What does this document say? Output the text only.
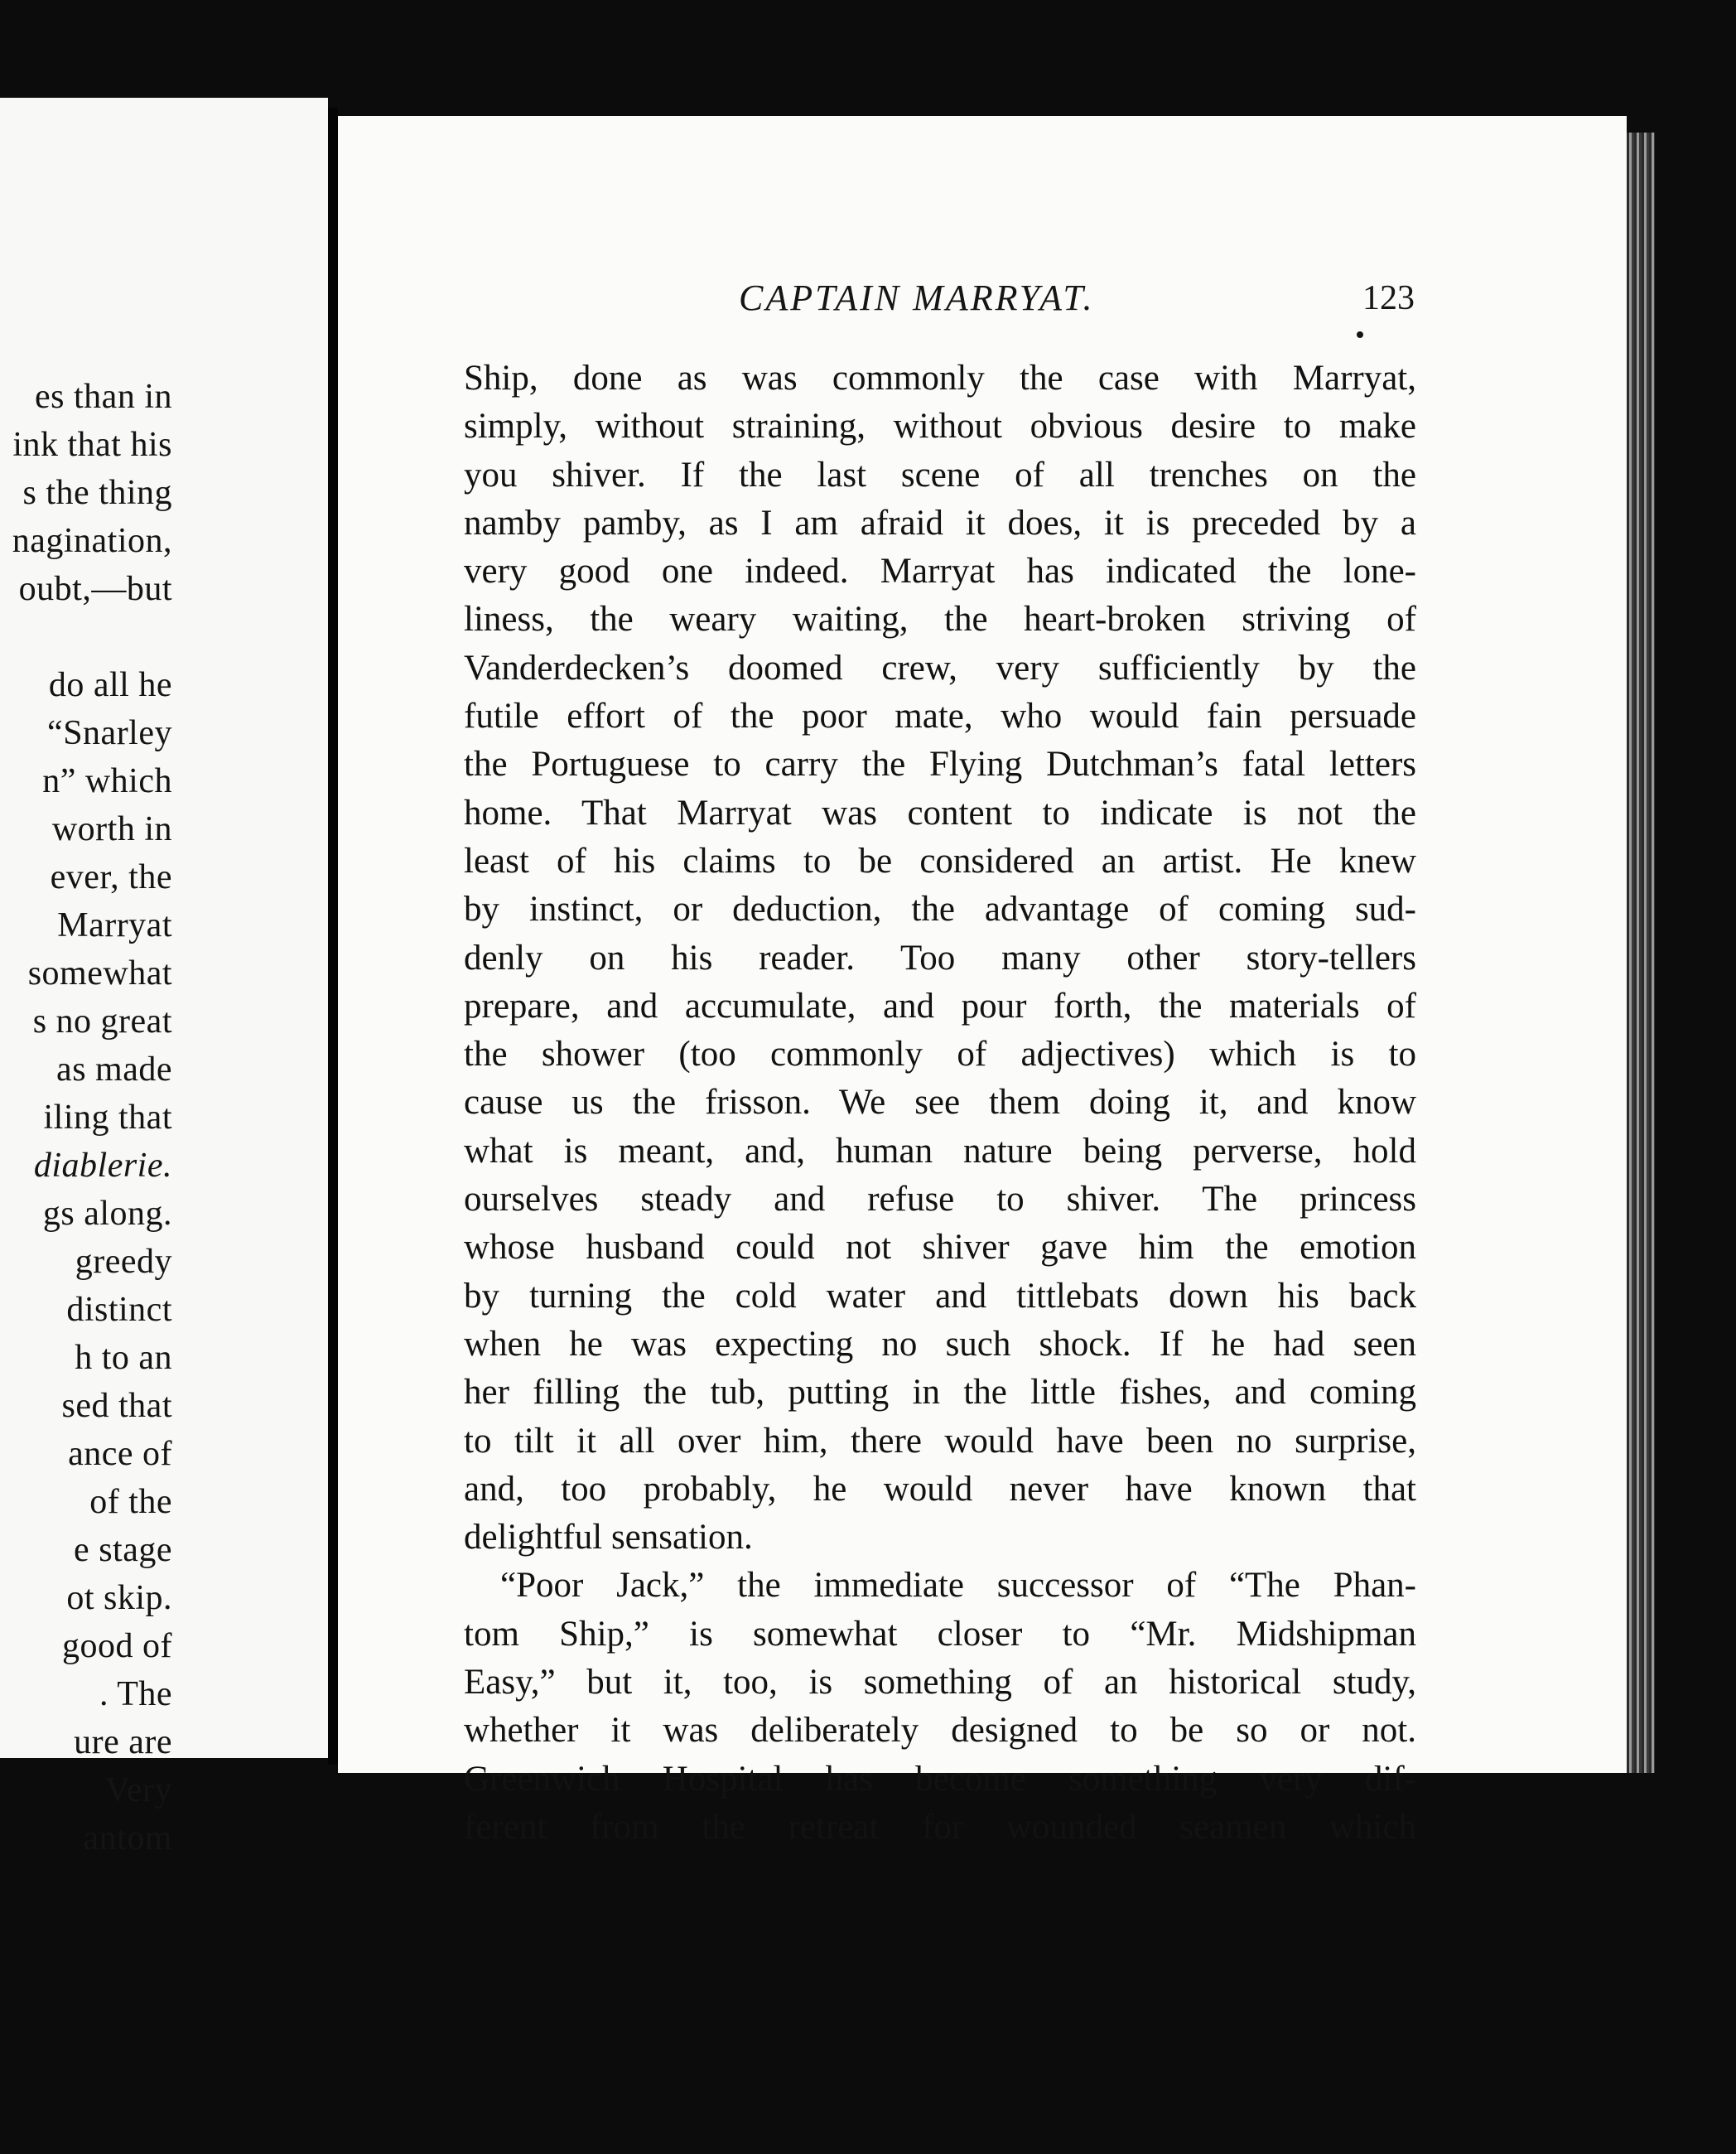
es than in
ink that his
s the thing
nagination,
oubt,—but
do all he
“Snarley
n” which
worth in
ever, the
Marryat
somewhat
s no great
as made
iling that
diablerie.
gs along.
greedy
distinct
h to an
sed that
ance of
of the
e stage
ot skip.
good of
. The
ure are
Very
antom
CAPTAIN MARRYAT.	123
Ship, done as was commonly the case with Marryat,
simply, without straining, without obvious desire to make
you shiver. If the last scene of all trenches on the
namby pamby, as I am afraid it does, it is preceded by a
very good one indeed. Marryat has indicated the lone-
liness, the weary waiting, the heart-broken striving of
Vanderdecken’s doomed crew, very sufficiently by the
futile effort of the poor mate, who would fain persuade
the Portuguese to carry the Flying Dutchman’s fatal letters
home. That Marryat was content to indicate is not the
least of his claims to be considered an artist. He knew
by instinct, or deduction, the advantage of coming sud-
denly on his reader. Too many other story-tellers
prepare, and accumulate, and pour forth, the materials of
the shower (too commonly of adjectives) which is to
cause us the frisson. We see them doing it, and know
what is meant, and, human nature being perverse, hold
ourselves steady and refuse to shiver. The princess
whose husband could not shiver gave him the emotion
by turning the cold water and tittlebats down his back
when he was expecting no such shock. If he had seen
her filling the tub, putting in the little fishes, and coming
to tilt it all over him, there would have been no surprise,
and, too probably, he would never have known that
delightful sensation.
“Poor Jack,” the immediate successor of “The Phan-
tom Ship,” is somewhat closer to “Mr. Midshipman
Easy,” but it, too, is something of an historical study,
whether it was deliberately designed to be so or not.
Greenwich Hospital has become something very dif-
ferent from the retreat for wounded seamen which
